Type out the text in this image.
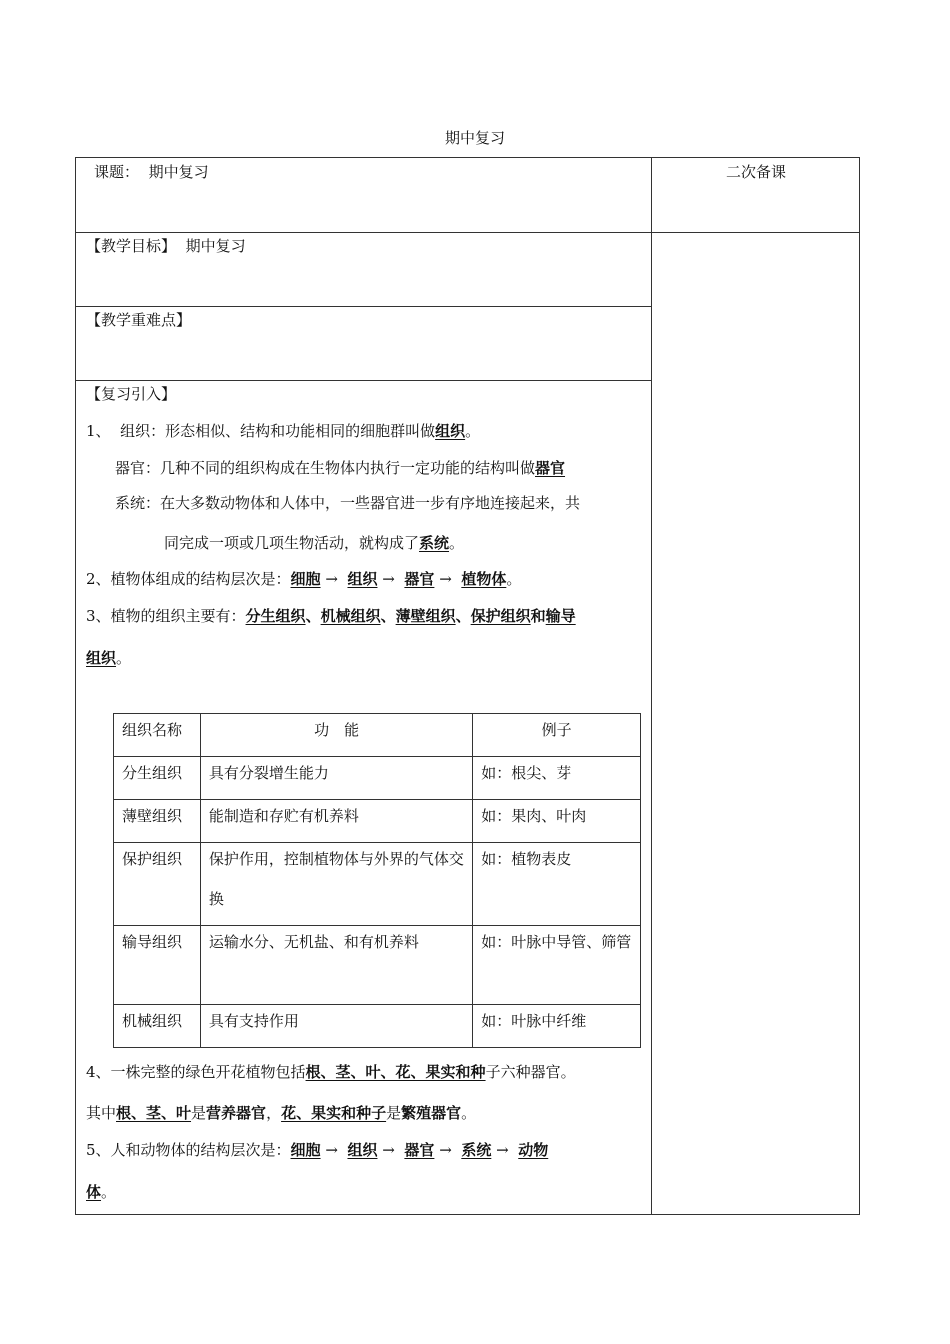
期中复习
课题： 期中复习	二次备课
【教学目标】 期中复习
【教学重难点】
【复习引入】
1、 组织：形态相似、结构和功能相同的细胞群叫做组织。
器官：几种不同的组织构成在生物体内执行一定功能的结构叫做器官
系统：在大多数动物体和人体中，一些器官进一步有序地连接起来，共
同完成一项或几项生物活动，就构成了系统。
2、植物体组成的结构层次是：细胞 → 组织 → 器官 → 植物体。
3、植物的组织主要有：分生组织、机械组织、薄壁组织、保护组织和输导
组织。
组织名称	功　能	例子

分生组织	具有分裂增生能力	如：根尖、芽

薄壁组织	能制造和存贮有机养料	如：果肉、叶肉

保护组织	保护作用，控制植物体与外界的气体交换	如：植物表皮

输导组织	运输水分、无机盐、和有机养料	如：叶脉中导管、筛管

机械组织	具有支持作用	如：叶脉中纤维
4、一株完整的绿色开花植物包括根、茎、叶、花、果实和种子六种器官。
其中根、茎、叶是营养器官，花、果实和种子是繁殖器官。
5、人和动物体的结构层次是：细胞 → 组织 → 器官 → 系统 → 动物
体。
